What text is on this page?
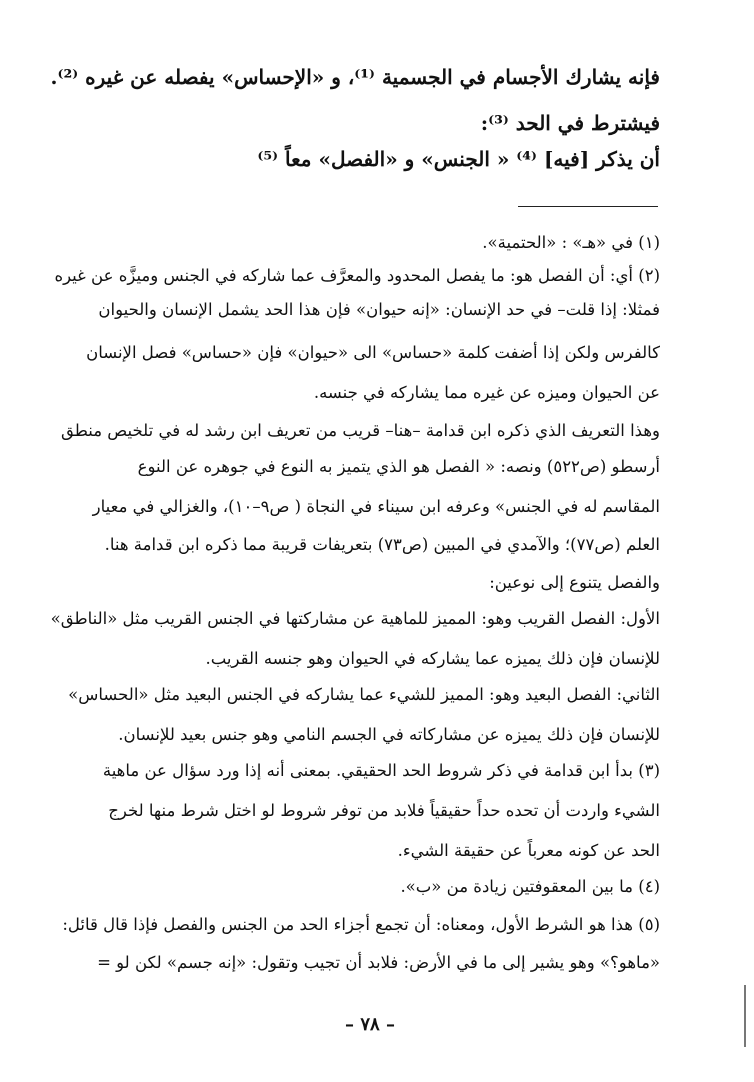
فإنه يشارك الأجسام في الجسمية ⁽¹⁾، و «الإحساس» يفصله عن غيره ⁽²⁾.
فيشترط في الحد ⁽³⁾:
أن يذكر [فيه] ⁽⁴⁾ « الجنس» و «الفصل» معاً ⁽⁵⁾
(١) في «هـ» : «الحتمية».
(٢) أي: أن الفصل هو: ما يفصل المحدود والمعرَّف عما شاركه في الجنس وميزَّه عن غيره
فمثلا: إذا قلت– في حد الإنسان: «إنه حيوان» فإن هذا الحد يشمل الإنسان والحيوان
كالفرس ولكن إذا أضفت كلمة «حساس» الى «حيوان» فإن «حساس» فصل الإنسان
عن الحيوان وميزه عن غيره مما يشاركه في جنسه.
وهذا التعريف الذي ذكره ابن قدامة –هنا– قريب من تعريف ابن رشد له في تلخيص منطق
أرسطو (ص٥٢٢) ونصه: « الفصل هو الذي يتميز به النوع في جوهره عن النوع
المقاسم له في الجنس» وعرفه ابن سيناء في النجاة ( ص٩–١٠)، والغزالي في معيار
العلم (ص٧٧)؛ والآمدي في المبين (ص٧٣) بتعريفات قريبة مما ذكره ابن قدامة هنا.
والفصل يتنوع إلى نوعين:
الأول: الفصل القريب وهو: المميز للماهية عن مشاركتها في الجنس القريب مثل «الناطق»
للإنسان فإن ذلك يميزه عما يشاركه في الحيوان وهو جنسه القريب.
الثاني: الفصل البعيد وهو: المميز للشيء عما يشاركه في الجنس البعيد مثل «الحساس»
للإنسان فإن ذلك يميزه عن مشاركاته في الجسم النامي وهو جنس بعيد للإنسان.
(٣) بدأ ابن قدامة في ذكر شروط الحد الحقيقي. بمعنى أنه إذا ورد سؤال عن ماهية
الشيء واردت أن تحده حداً حقيقياً فلابد من توفر شروط لو اختل شرط منها لخرج
الحد عن كونه معرباً عن حقيقة الشيء.
(٤) ما بين المعقوفتين زيادة من «ب».
(٥) هذا هو الشرط الأول، ومعناه: أن تجمع أجزاء الحد من الجنس والفصل فإذا قال قائل:
«ماهو؟» وهو يشير إلى ما في الأرض: فلابد أن تجيب وتقول: «إنه جسم» لكن لو =
– ٧٨ –
